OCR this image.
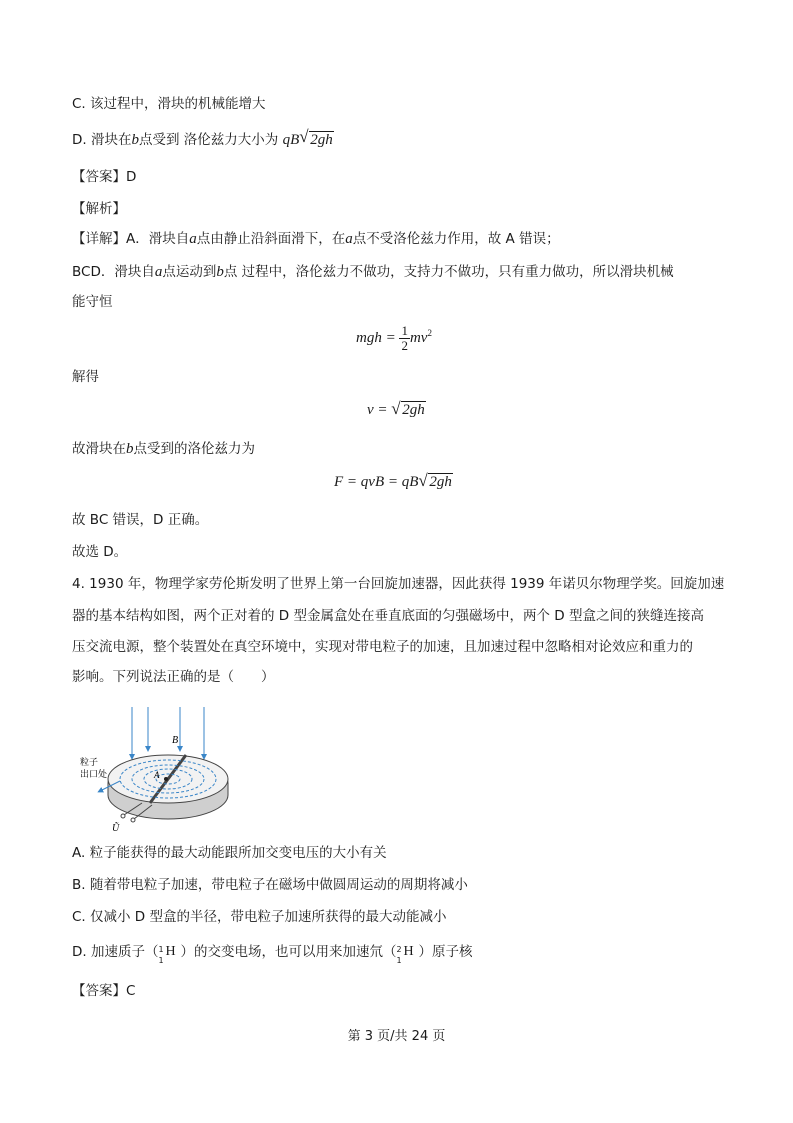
C. 该过程中，滑块的机械能增大
D. 滑块在b点受到 洛伦兹力大小为 qB √ 2gh
【答案】D
【解析】
【详解】A．滑块自a点由静止沿斜面滑下，在a点不受洛伦兹力作用，故 A 错误；
BCD．滑块自a点运动到b点 过程中，洛伦兹力不做功，支持力不做功，只有重力做功，所以滑块机械
能守恒
mgh = $\frac{1}{2} mv^2$
解得
v = √ 2gh
故滑块在b点受到的洛伦兹力为
F = qvB = qB √ 2gh
故 BC 错误，D 正确。
故选 D。
4. 1930 年，物理学家劳伦斯发明了世界上第一台回旋加速器，因此获得 1939 年诺贝尔物理学奖。回旋加速
器的基本结构如图，两个正对着的 D 型金属盒处在垂直底面的匀强磁场中，两个 D 型盒之间的狭缝连接高
压交流电源，整个装置处在真空环境中，实现对带电粒子的加速，且加速过程中忽略相对论效应和重力的
影响。下列说法正确的是（　　）
B
A
粒子
出口处
Ũ
A. 粒子能获得的最大动能跟所加交变电压的大小有关
B. 随着带电粒子加速，带电粒子在磁场中做圆周运动的周期将减小
C. 仅减小 D 型盒的半径，带电粒子加速所获得的最大动能减小
D. 加速质子（ 1
1
H ）的交变电场，也可以用来加速氘（ 2
1
H ）原子核
【答案】C
第 3 页/共 24 页
